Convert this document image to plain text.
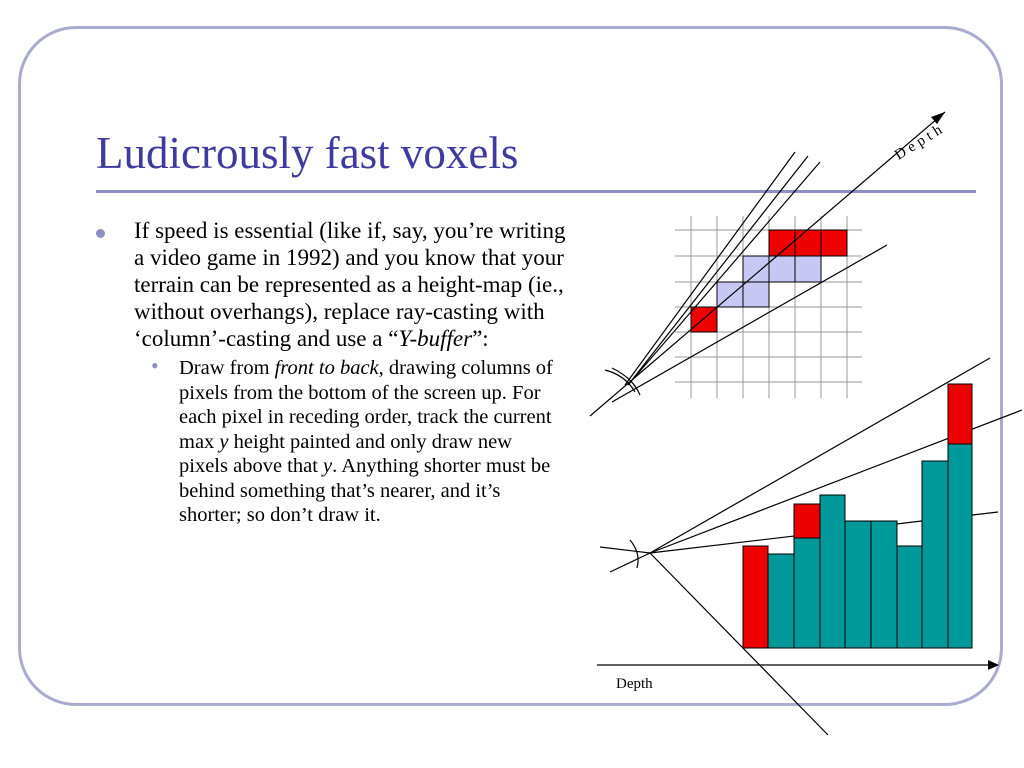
Ludicrously fast voxels
If speed is essential (like if, say, you’re writing a video game in 1992) and you know that your terrain can be represented as a height-map (ie., without overhangs), replace ray-casting with ‘column’-casting and use a “Y-buffer”:
• Draw from front to back, drawing columns of pixels from the bottom of the screen up. For each pixel in receding order, track the current max y height painted and only draw new pixels above that y. Anything shorter must be behind something that’s nearer, and it’s shorter; so don’t draw it.
Depth
Depth
